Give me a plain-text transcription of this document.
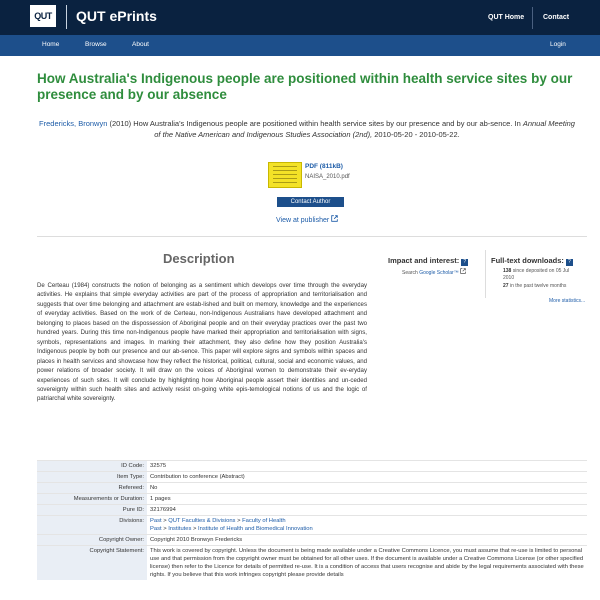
QUT	QUT ePrints	QUT Home	Contact
Home	Browse	About	Login
How Australia's Indigenous people are positioned within health service sites by our presence and by our absence
Fredericks, Bronwyn (2010) How Australia's Indigenous people are positioned within health service sites by our presence and by our ab-sence. In Annual Meeting of the Native American and Indigenous Studies Association (2nd), 2010-05-20 - 2010-05-22.
PDF (811kB)
NAISA_2010.pdf
Contact Author
View at publisher
Description
De Certeau (1984) constructs the notion of belonging as a sentiment which develops over time through the everyday activities. He explains that simple everyday activities are part of the process of appropriation and territorialisation and suggests that over time belonging and attachment are estab-lished and built on memory, knowledge and the experiences of everyday activities. Based on the work of de Certeau, non-Indigenous Australians have developed attachment and belonging to places based on the dispossession of Aboriginal people and on their everyday practices over the past two hundred years. During this time non-Indigenous people have marked their appropriation and territorialisation with signs, symbols, representations and images. In marking their attachment, they also define how they position Australia's Indigenous people by both our presence and our ab-sence. This paper will explore signs and symbols within spaces and places in health services and showcase how they reflect the historical, political, cultural, social and economic values, and power relations of broader society. It will draw on the voices of Aboriginal women to demonstrate their ev-eryday experiences of such sites. It will conclude by highlighting how Aboriginal people assert their identities and un-ceded sovereignty within such health sites and actively resist on-going white epis-temological notions of us and the logic of patriarchal white sovereignty.
Impact and interest: ?
Search Google Scholar™
Full-text downloads: ?
138 since deposited on 05 Jul
2010
27 in the past twelve months
More statistics...
ID Code:	32575
Item Type:	Contribution to conference (Abstract)
Refereed:	No
Measurements or Duration:	1 pages
Pure ID:	32176994
Divisions:	Past > QUT Faculties & Divisions > Faculty of Health
Past > Institutes > Institute of Health and Biomedical Innovation
Copyright Owner:	Copyright 2010 Bronwyn Fredericks
Copyright Statement:	This work is covered by copyright. Unless the document is being made available under a Creative Commons Licence, you must assume that re-use is limited to personal use and that permission from the copyright owner must be obtained for all other uses. If the document is available under a Creative Commons License (or other specified license) then refer to the Licence for details of permitted re-use. It is a condition of access that users recognise and abide by the legal requirements associated with these rights. If you believe that this work infringes copyright please provide details
